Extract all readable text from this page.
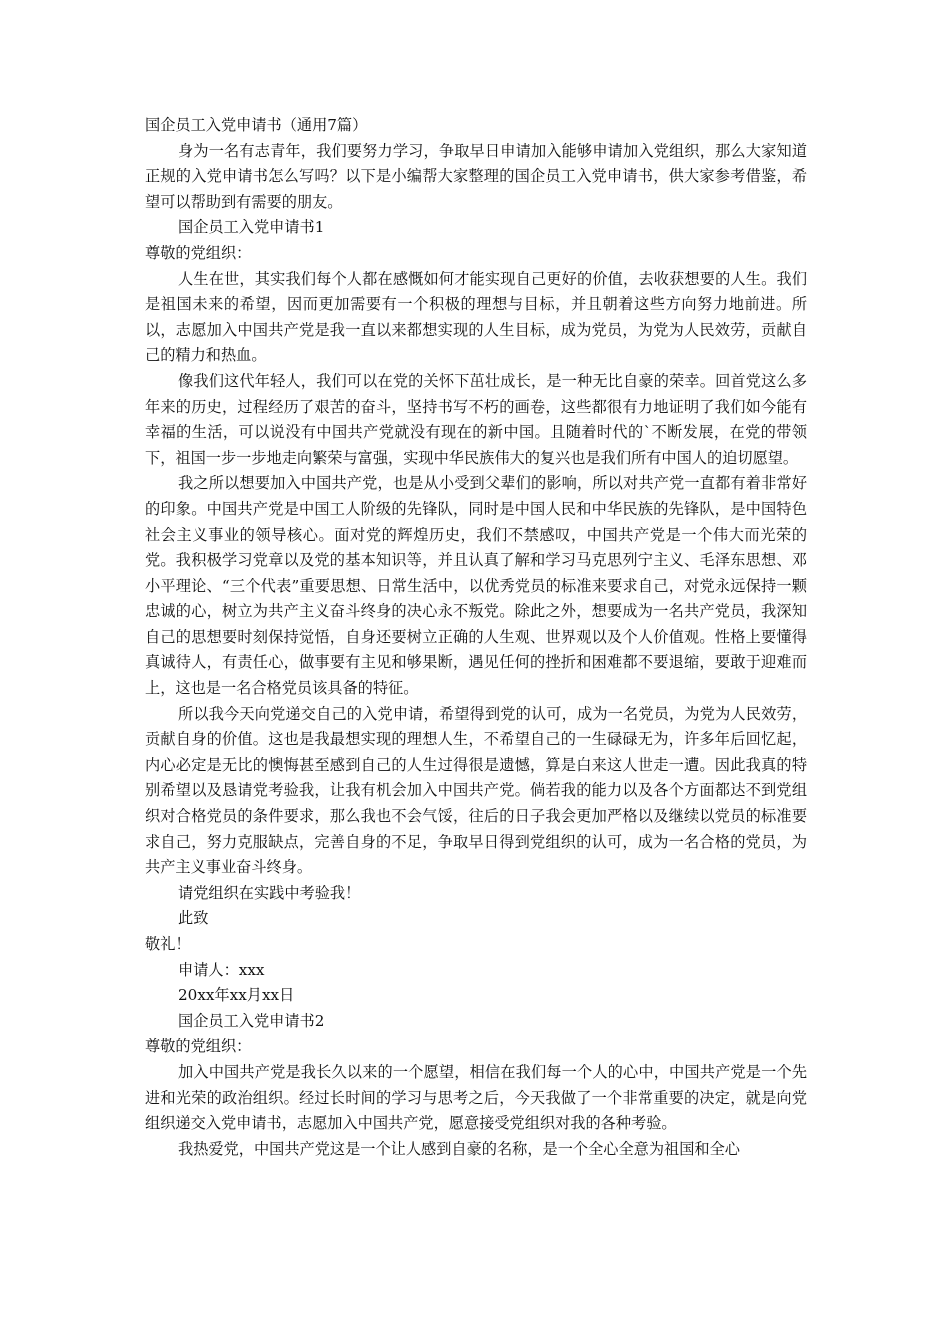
国企员工入党申请书（通用7篇）

身为一名有志青年，我们要努力学习，争取早日申请加入能够申请加入党组织，那么大家知道正规的入党申请书怎么写吗？以下是小编帮大家整理的国企员工入党申请书，供大家参考借鉴，希望可以帮助到有需要的朋友。

国企员工入党申请书1

尊敬的党组织：

人生在世，其实我们每个人都在感慨如何才能实现自己更好的价值，去收获想要的人生。我们是祖国未来的希望，因而更加需要有一个积极的理想与目标，并且朝着这些方向努力地前进。所以，志愿加入中国共产党是我一直以来都想实现的人生目标，成为党员，为党为人民效劳，贡献自己的精力和热血。

像我们这代年轻人，我们可以在党的关怀下茁壮成长，是一种无比自豪的荣幸。回首党这么多年来的历史，过程经历了艰苦的奋斗，坚持书写不朽的画卷，这些都很有力地证明了我们如今能有幸福的生活，可以说没有中国共产党就没有现在的新中国。且随着时代的`不断发展，在党的带领下，祖国一步一步地走向繁荣与富强，实现中华民族伟大的复兴也是我们所有中国人的迫切愿望。

我之所以想要加入中国共产党，也是从小受到父辈们的影响，所以对共产党一直都有着非常好的印象。中国共产党是中国工人阶级的先锋队，同时是中国人民和中华民族的先锋队，是中国特色社会主义事业的领导核心。面对党的辉煌历史，我们不禁感叹，中国共产党是一个伟大而光荣的党。我积极学习党章以及党的基本知识等，并且认真了解和学习马克思列宁主义、毛泽东思想、邓小平理论、“三个代表”重要思想、日常生活中，以优秀党员的标准来要求自己，对党永远保持一颗忠诚的心，树立为共产主义奋斗终身的决心永不叛党。除此之外，想要成为一名共产党员，我深知自己的思想要时刻保持觉悟，自身还要树立正确的人生观、世界观以及个人价值观。性格上要懂得真诚待人，有责任心，做事要有主见和够果断，遇见任何的挫折和困难都不要退缩，要敢于迎难而上，这也是一名合格党员该具备的特征。

所以我今天向党递交自己的入党申请，希望得到党的认可，成为一名党员，为党为人民效劳，贡献自身的价值。这也是我最想实现的理想人生，不希望自己的一生碌碌无为，许多年后回忆起，内心必定是无比的懊悔甚至感到自己的人生过得很是遗憾，算是白来这人世走一遭。因此我真的特别希望以及恳请党考验我，让我有机会加入中国共产党。倘若我的能力以及各个方面都达不到党组织对合格党员的条件要求，那么我也不会气馁，往后的日子我会更加严格以及继续以党员的标准要求自己，努力克服缺点，完善自身的不足，争取早日得到党组织的认可，成为一名合格的党员，为共产主义事业奋斗终身。

请党组织在实践中考验我！

此致

敬礼！

申请人：xxx

20xx年xx月xx日

国企员工入党申请书2

尊敬的党组织：

加入中国共产党是我长久以来的一个愿望，相信在我们每一个人的心中，中国共产党是一个先进和光荣的政治组织。经过长时间的学习与思考之后，今天我做了一个非常重要的决定，就是向党组织递交入党申请书，志愿加入中国共产党，愿意接受党组织对我的各种考验。

我热爱党，中国共产党这是一个让人感到自豪的名称，是一个全心全意为祖国和全心
